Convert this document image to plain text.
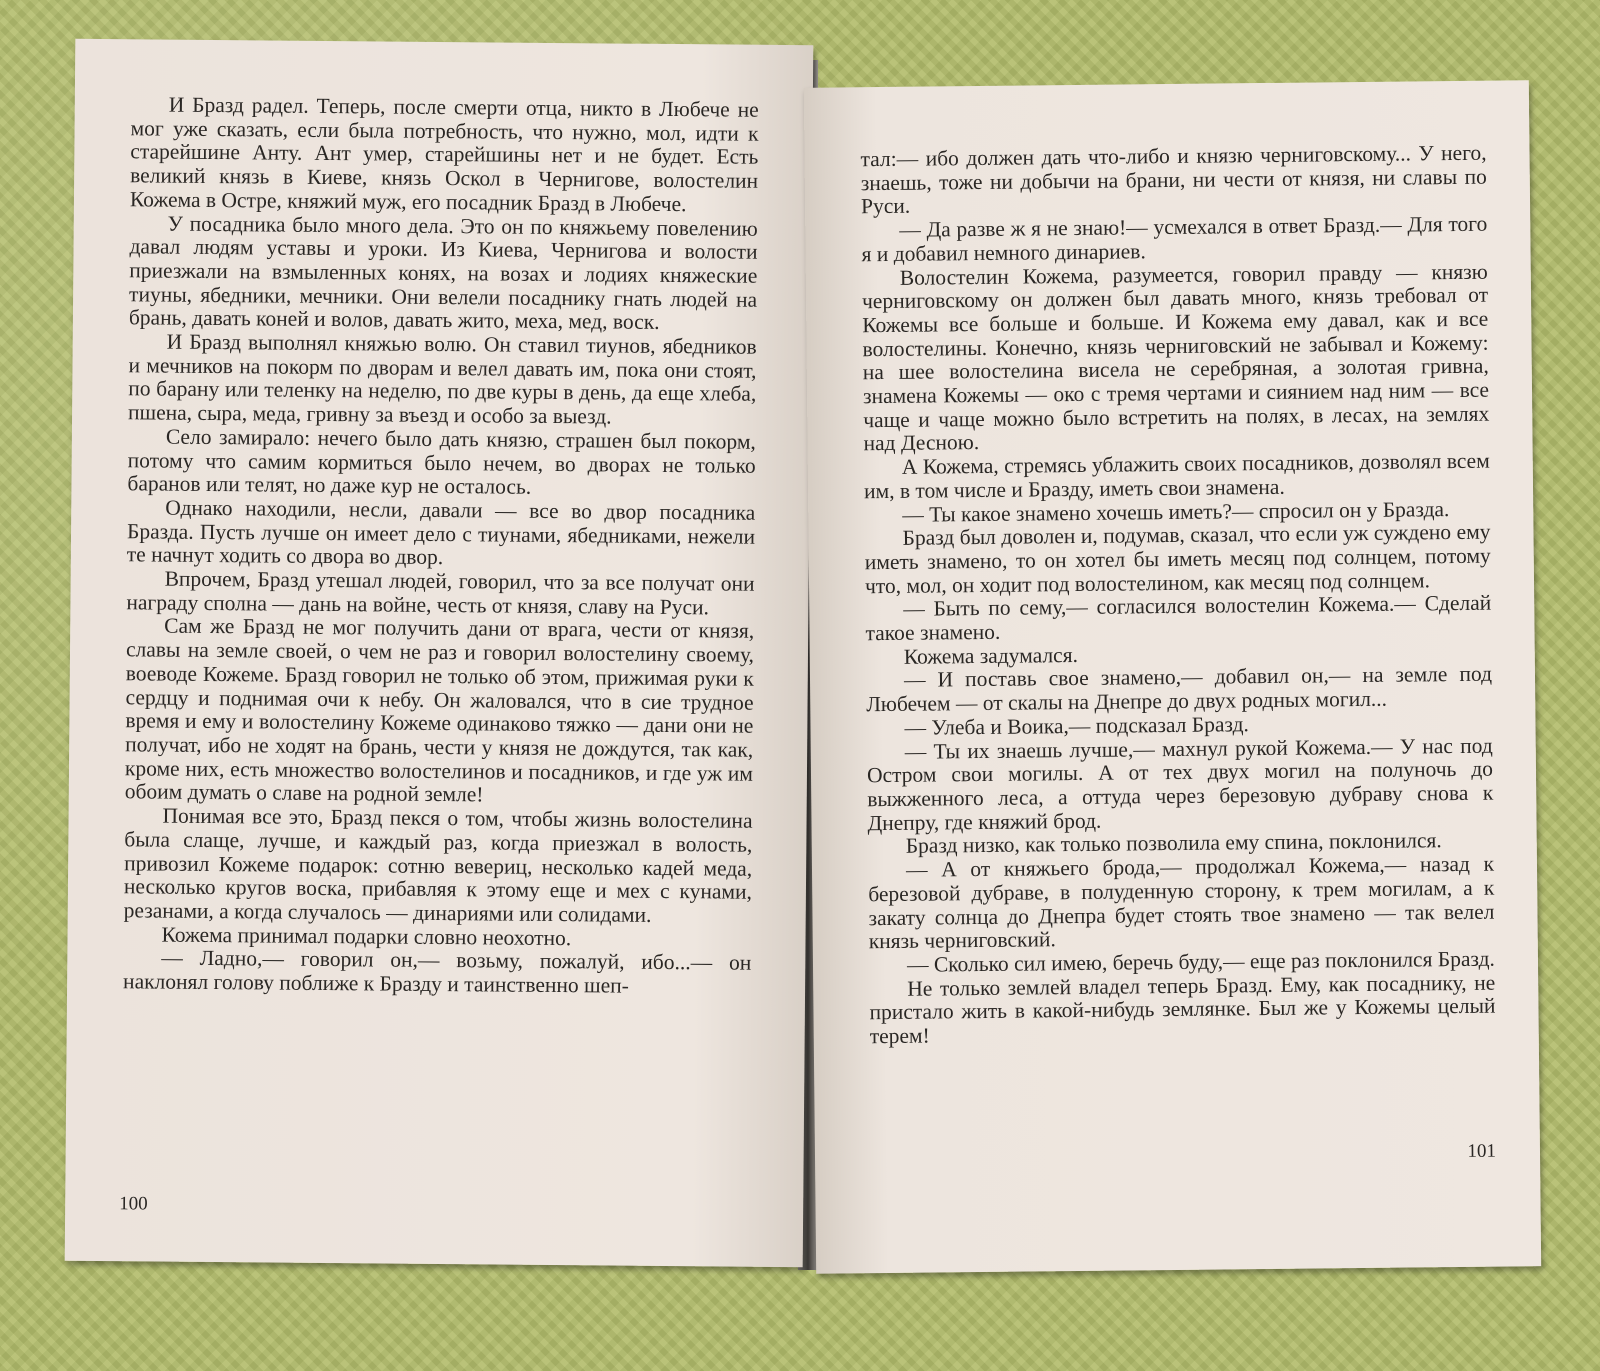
И Бразд радел. Теперь, после смерти отца, никто в Любече не мог уже сказать, если была потребность, что нужно, мол, идти к старейшине Анту. Ант умер, старейшины нет и не будет. Есть великий князь в Киеве, князь Оскол в Чернигове, волостелин Кожема в Остре, княжий муж, его посадник Бразд в Любече.

У посадника было много дела. Это он по княжьему повелению давал людям уставы и уроки. Из Киева, Чернигова и волости приезжали на взмыленных конях, на возах и лодиях княжеские тиуны, ябедники, мечники. Они велели посаднику гнать людей на брань, давать коней и волов, давать жито, меха, мед, воск.

И Бразд выполнял княжью волю. Он ставил тиунов, ябедников и мечников на покорм по дворам и велел давать им, пока они стоят, по барану или теленку на неделю, по две куры в день, да еще хлеба, пшена, сыра, меда, гривну за въезд и особо за выезд.

Село замирало: нечего было дать князю, страшен был покорм, потому что самим кормиться было нечем, во дворах не только баранов или телят, но даже кур не осталось.

Однако находили, несли, давали — все во двор посадника Бразда. Пусть лучше он имеет дело с тиунами, ябедниками, нежели те начнут ходить со двора во двор.

Впрочем, Бразд утешал людей, говорил, что за все получат они награду сполна — дань на войне, честь от князя, славу на Руси.

Сам же Бразд не мог получить дани от врага, чести от князя, славы на земле своей, о чем не раз и говорил волостелину своему, воеводе Кожеме. Бразд говорил не только об этом, прижимая руки к сердцу и поднимая очи к небу. Он жаловался, что в сие трудное время и ему и волостелину Кожеме одинаково тяжко — дани они не получат, ибо не ходят на брань, чести у князя не дождутся, так как, кроме них, есть множество волостелинов и посадников, и где уж им обоим думать о славе на родной земле!

Понимая все это, Бразд пекся о том, чтобы жизнь волостелина была слаще, лучше, и каждый раз, когда приезжал в волость, привозил Кожеме подарок: сотню вевериц, несколько кадей меда, несколько кругов воска, прибавляя к этому еще и мех с кунами, резанами, а когда случалось — динариями или солидами.

Кожема принимал подарки словно неохотно.

— Ладно,— говорил он,— возьму, пожалуй, ибо...— он наклонял голову поближе к Бразду и таинственно шеп-

100

тал:— ибо должен дать что-либо и князю черниговскому... У него, знаешь, тоже ни добычи на брани, ни чести от князя, ни славы по Руси.

— Да разве ж я не знаю!— усмехался в ответ Бразд.— Для того я и добавил немного динариев.

Волостелин Кожема, разумеется, говорил правду — князю черниговскому он должен был давать много, князь требовал от Кожемы все больше и больше. И Кожема ему давал, как и все волостелины. Конечно, князь черниговский не забывал и Кожему: на шее волостелина висела не серебряная, а золотая гривна, знамена Кожемы — око с тремя чертами и сиянием над ним — все чаще и чаще можно было встретить на полях, в лесах, на землях над Десною.

А Кожема, стремясь ублажить своих посадников, дозволял всем им, в том числе и Бразду, иметь свои знамена.

— Ты какое знамено хочешь иметь?— спросил он у Бразда.

Бразд был доволен и, подумав, сказал, что если уж суждено ему иметь знамено, то он хотел бы иметь месяц под солнцем, потому что, мол, он ходит под волостелином, как месяц под солнцем.

— Быть по сему,— согласился волостелин Кожема.— Сделай такое знамено.

Кожема задумался.

— И поставь свое знамено,— добавил он,— на земле под Любечем — от скалы на Днепре до двух родных могил...

— Улеба и Воика,— подсказал Бразд.

— Ты их знаешь лучше,— махнул рукой Кожема.— У нас под Остром свои могилы. А от тех двух могил на полуночь до выжженного леса, а оттуда через березовую дубраву снова к Днепру, где княжий брод.

Бразд низко, как только позволила ему спина, поклонился.

— А от княжьего брода,— продолжал Кожема,— назад к березовой дубраве, в полуденную сторону, к трем могилам, а к закату солнца до Днепра будет стоять твое знамено — так велел князь черниговский.

— Сколько сил имею, беречь буду,— еще раз поклонился Бразд.

Не только землей владел теперь Бразд. Ему, как посаднику, не пристало жить в какой-нибудь землянке. Был же у Кожемы целый терем!

101
